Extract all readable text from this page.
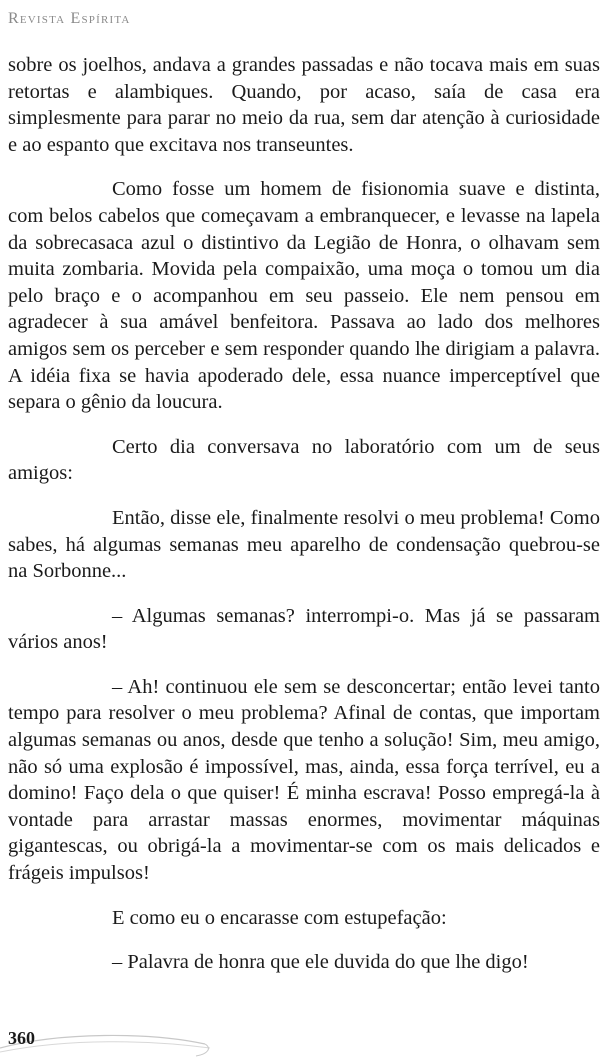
Revista Espírita

sobre os joelhos, andava a grandes passadas e não tocava mais em suas retortas e alambiques. Quando, por acaso, saía de casa era simplesmente para parar no meio da rua, sem dar atenção à curiosidade e ao espanto que excitava nos transeuntes.

Como fosse um homem de fisionomia suave e distinta, com belos cabelos que começavam a embranquecer, e levasse na lapela da sobrecasaca azul o distintivo da Legião de Honra, o olhavam sem muita zombaria. Movida pela compaixão, uma moça o tomou um dia pelo braço e o acompanhou em seu passeio. Ele nem pensou em agradecer à sua amável benfeitora. Passava ao lado dos melhores amigos sem os perceber e sem responder quando lhe dirigiam a palavra. A idéia fixa se havia apoderado dele, essa nuance imperceptível que separa o gênio da loucura.

Certo dia conversava no laboratório com um de seus amigos:

Então, disse ele, finalmente resolvi o meu problema! Como sabes, há algumas semanas meu aparelho de condensação quebrou-se na Sorbonne...

– Algumas semanas? interrompi-o. Mas já se passaram vários anos!

– Ah! continuou ele sem se desconcertar; então levei tanto tempo para resolver o meu problema? Afinal de contas, que importam algumas semanas ou anos, desde que tenho a solução! Sim, meu amigo, não só uma explosão é impossível, mas, ainda, essa força terrível, eu a domino! Faço dela o que quiser! É minha escrava! Posso empregá-la à vontade para arrastar massas enormes, movimentar máquinas gigantescas, ou obrigá-la a movimentar-se com os mais delicados e frágeis impulsos!

E como eu o encarasse com estupefação:

– Palavra de honra que ele duvida do que lhe digo!

360
